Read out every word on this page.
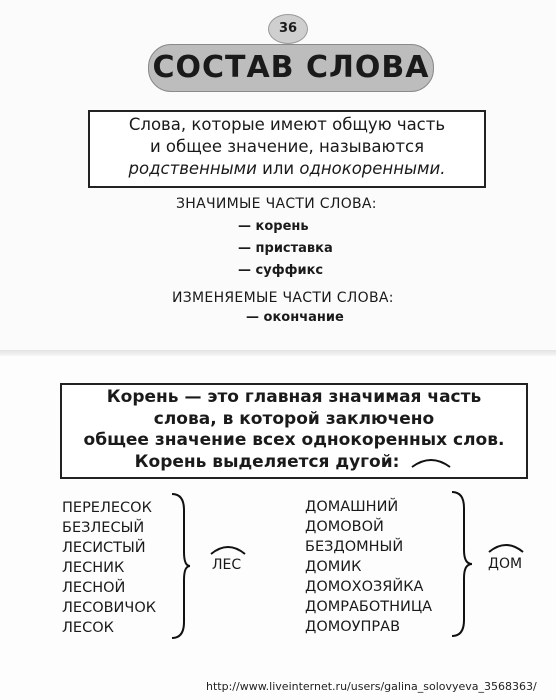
36
СОСТАВ СЛОВА
Слова, которые имеют общую часть
и общее значение, называются
родственными или однокоренными.
ЗНАЧИМЫЕ ЧАСТИ СЛОВА:
— корень
— приставка
— суффикс
ИЗМЕНЯЕМЫЕ ЧАСТИ СЛОВА:
— окончание
Корень — это главная значимая часть
слова, в которой заключено
общее значение всех однокоренных слов.
Корень выделяется дугой:
ПЕРЕЛЕСОК
БЕЗЛЕСЫЙ
ЛЕСИСТЫЙ
ЛЕСНИК
ЛЕСНОЙ
ЛЕСОВИЧОК
ЛЕСОК
ЛЕС
ДОМАШНИЙ
ДОМОВОЙ
БЕЗДОМНЫЙ
ДОМИК
ДОМОХОЗЯЙКА
ДОМРАБОТНИЦА
ДОМОУПРАВ
ДОМ
http://www.liveinternet.ru/users/galina_solovyeva_3568363/
